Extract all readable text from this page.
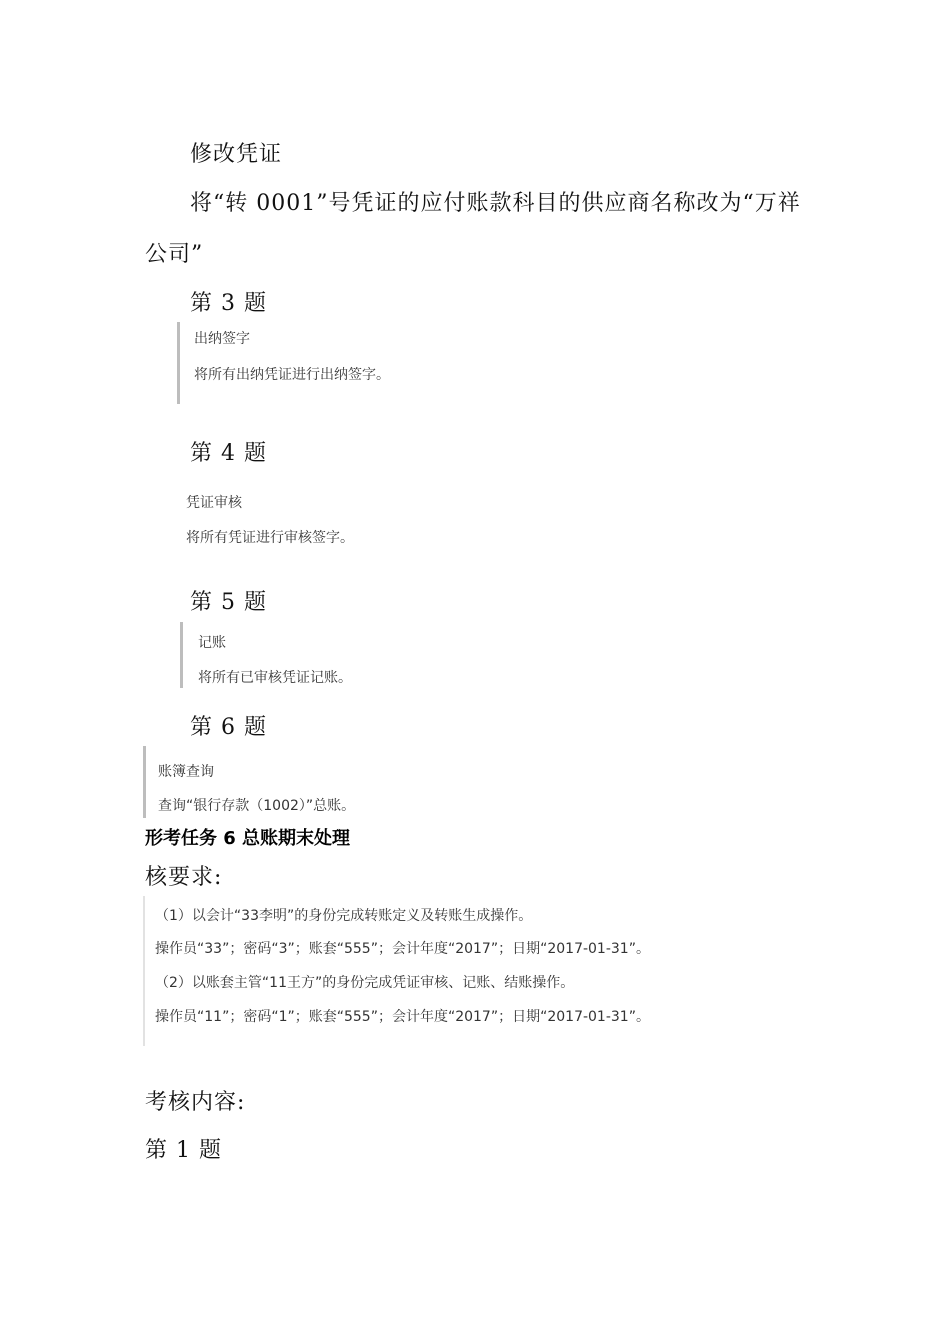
修改凭证
将“转 0001”号凭证的应付账款科目的供应商名称改为“万祥
公司”
第 3 题
出纳签字
将所有出纳凭证进行出纳签字。
第 4 题
凭证审核
将所有凭证进行审核签字。
第 5 题
记账
将所有已审核凭证记账。
第 6 题
账簿查询
查询“银行存款（1002）”总账。
形考任务 6 总账期末处理
核要求:
（1）以会计“33李明”的身份完成转账定义及转账生成操作。
操作员“33”；密码“3”；账套“555”；会计年度“2017”；日期“2017-01-31”。
（2）以账套主管“11王方”的身份完成凭证审核、记账、结账操作。
操作员“11”；密码“1”；账套“555”；会计年度“2017”；日期“2017-01-31”。
考核内容:
第 1 题
